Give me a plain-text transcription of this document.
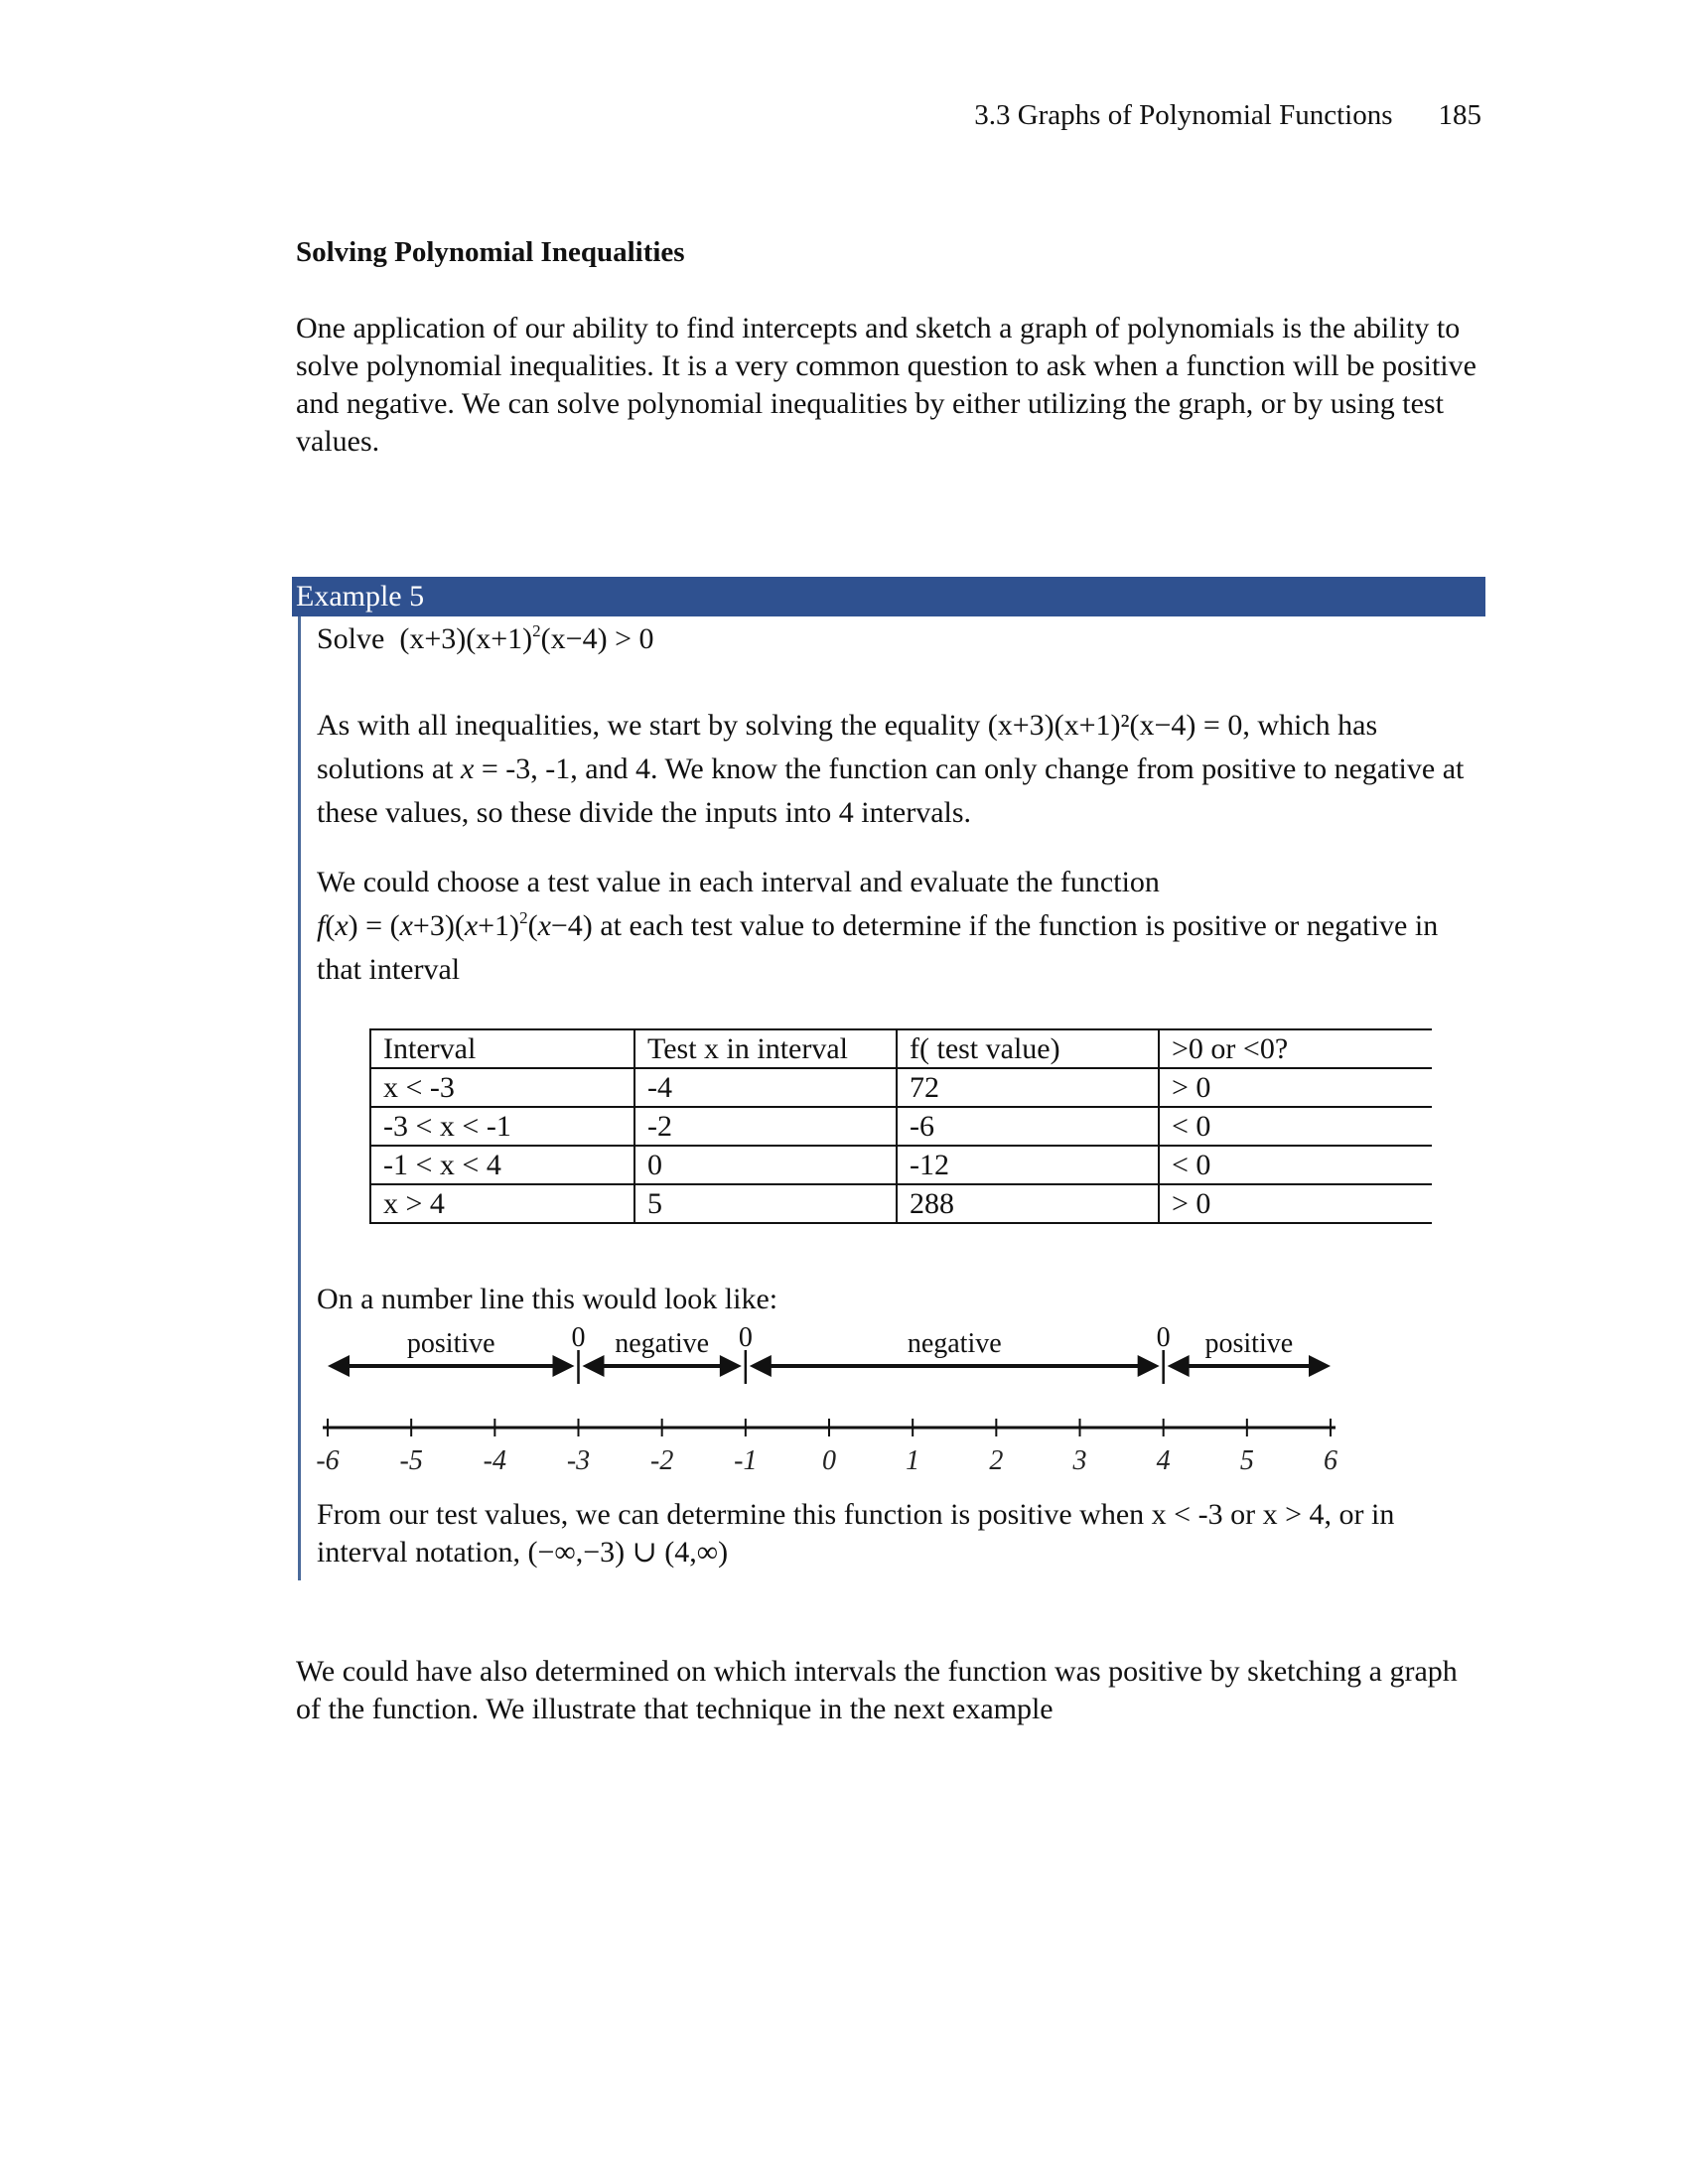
3.3 Graphs of Polynomial Functions 185
Solving Polynomial Inequalities
One application of our ability to find intercepts and sketch a graph of polynomials is the ability to solve polynomial inequalities. It is a very common question to ask when a function will be positive and negative. We can solve polynomial inequalities by either utilizing the graph, or by using test values.
Example 5
Solve $(x+3)(x+1)^2(x-4) > 0$
As with all inequalities, we start by solving the equality (x+3)(x+1)²(x−4) = 0, which has solutions at x = -3, -1, and 4. We know the function can only change from positive to negative at these values, so these divide the inputs into 4 intervals.
We could choose a test value in each interval and evaluate the function
$f(x) = (x+3)(x+1)^2(x-4)$ at each test value to determine if the function is positive or negative in that interval
Interval	Test x in interval	f( test value)	>0 or <0?
x < -3	-4	72	> 0
-3 < x < -1	-2	-6	< 0
-1 < x < 4	0	-12	< 0
x > 4	5	288	> 0
On a number line this would look like:
positive	negative	negative	positive
0	0	0
-6 -5 -4 -3 -2 -1 0	1	2	3	4	5	6
From our test values, we can determine this function is positive when x < -3 or x > 4, or in interval notation, (−∞,−3) ∪ (4,∞)
We could have also determined on which intervals the function was positive by sketching a graph of the function. We illustrate that technique in the next example
